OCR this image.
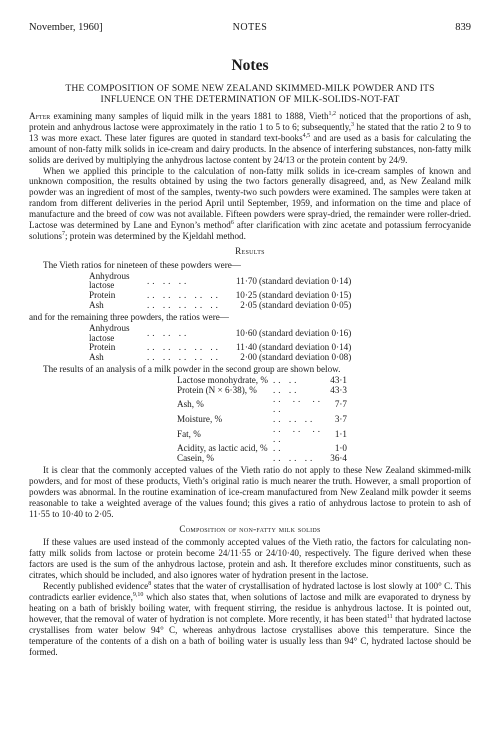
November, 1960]	NOTES	839
Notes
THE COMPOSITION OF SOME NEW ZEALAND SKIMMED-MILK POWDER AND ITS
INFLUENCE ON THE DETERMINATION OF MILK-SOLIDS-NOT-FAT

After examining many samples of liquid milk in the years 1881 to 1888, Vieth$^{1,2}$ noticed that the proportions of ash, protein and anhydrous lactose were approximately in the ratio 1 to 5 to 6; subsequently,$^3$ he stated that the ratio 2 to 9 to 13 was more exact. These later figures are quoted in standard text-books$^{4,5}$ and are used as a basis for calculating the amount of non-fatty milk solids in ice-cream and dairy products. In the absence of interfering substances, non-fatty milk solids are derived by multiplying the anhydrous lactose content by 24/13 or the protein content by 24/9.

When we applied this principle to the calculation of non-fatty milk solids in ice-cream samples of known and unknown composition, the results obtained by using the two factors generally disagreed, and, as New Zealand milk powder was an ingredient of most of the samples, twenty-two such powders were examined. The samples were taken at random from different deliveries in the period April until September, 1959, and information on the time and place of manufacture and the breed of cow was not available. Fifteen powders were spray-dried, the remainder were roller-dried. Lactose was determined by Lane and Eynon’s method$^6$ after clarification with zinc acetate and potassium ferrocyanide solutions$^7$; protein was determined by the Kjeldahl method.

Results

The Vieth ratios for nineteen of these powders were—

Anhydrous lactose	.. .. ..	11·70	(standard deviation 0·14)
Protein	.. .. .. .. ..	10·25	(standard deviation 0·15)
Ash	.. .. .. .. ..	2·05	(standard deviation 0·05)

and for the remaining three powders, the ratios were—

Anhydrous lactose	.. .. ..	10·60	(standard deviation 0·16)
Protein	.. .. .. .. ..	11·40	(standard deviation 0·14)
Ash	.. .. .. .. ..	2·00	(standard deviation 0·08)

The results of an analysis of a milk powder in the second group are shown below.

Lactose monohydrate, %	.. ..	43·1
Protein (N × 6·38), %	.. ..	43·3
Ash, %	.. .. .. ..	7·7
Moisture, %	.. .. ..	3·7
Fat, %	.. .. .. ..	1·1
Acidity, as lactic acid, %	..	1·0
Casein, %	.. .. ..	36·4

It is clear that the commonly accepted values of the Vieth ratio do not apply to these New Zealand skimmed-milk powders, and for most of these products, Vieth’s original ratio is much nearer the truth. However, a small proportion of powders was abnormal. In the routine examination of ice-cream manufactured from New Zealand milk powder it seems reasonable to take a weighted average of the values found; this gives a ratio of anhydrous lactose to protein to ash of 11·55 to 10·40 to 2·05.

Composition of non-fatty milk solids

If these values are used instead of the commonly accepted values of the Vieth ratio, the factors for calculating non-fatty milk solids from lactose or protein become 24/11·55 or 24/10·40, respectively. The figure derived when these factors are used is the sum of the anhydrous lactose, protein and ash. It therefore excludes minor constituents, such as citrates, which should be included, and also ignores water of hydration present in the lactose.

Recently published evidence$^8$ states that the water of crystallisation of hydrated lactose is lost slowly at 100° C. This contradicts earlier evidence,$^{9,10}$ which also states that, when solutions of lactose and milk are evaporated to dryness by heating on a bath of briskly boiling water, with frequent stirring, the residue is anhydrous lactose. It is pointed out, however, that the removal of water of hydration is not complete. More recently, it has been stated$^{11}$ that hydrated lactose crystallises from water below 94° C, whereas anhydrous lactose crystallises above this temperature. Since the temperature of the contents of a dish on a bath of boiling water is usually less than 94° C, hydrated lactose should be formed.
